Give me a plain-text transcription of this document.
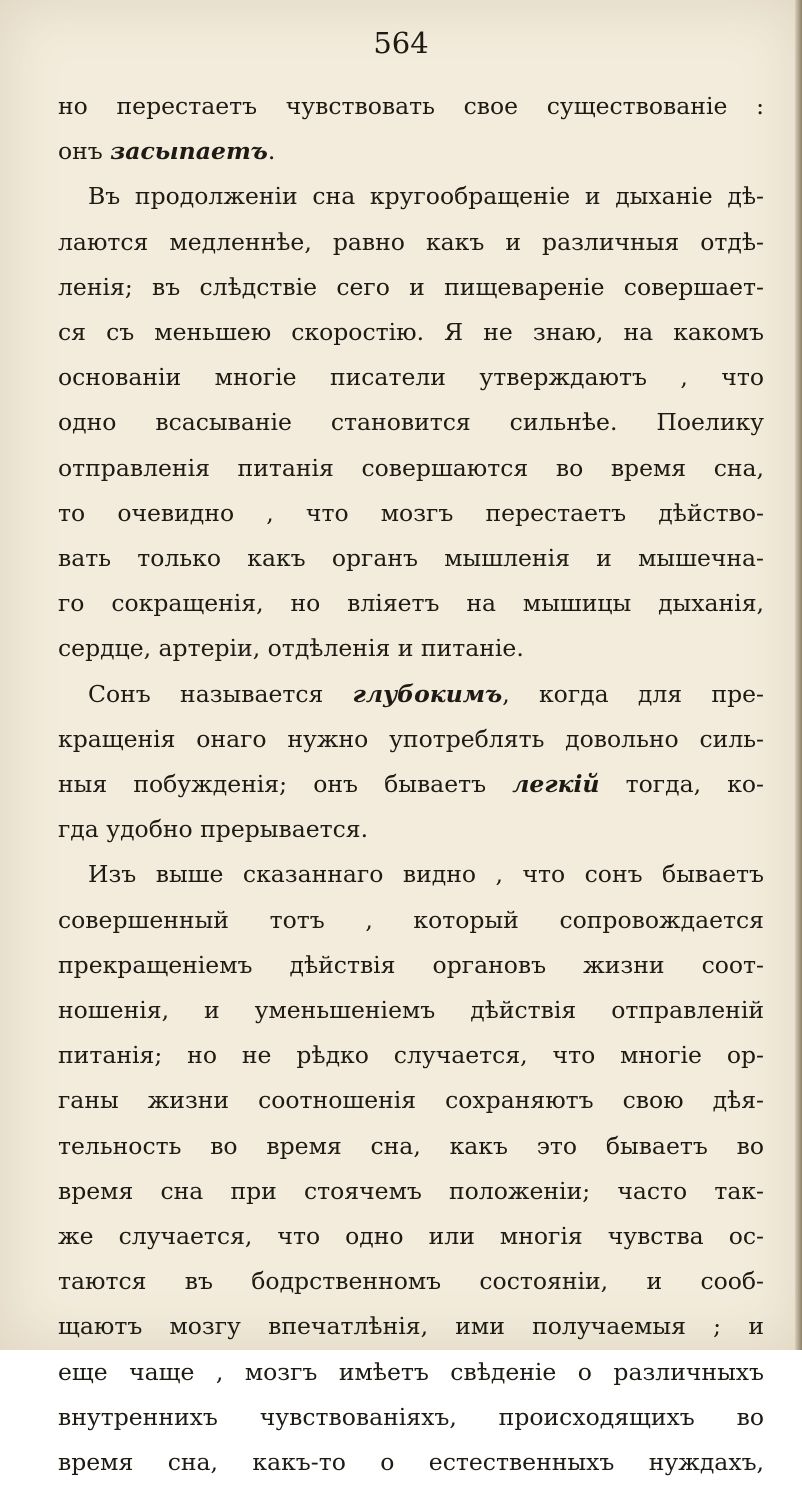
564
но перестаетъ чувствовать свое существованіе :
онъ засыпаетъ.
Въ продолженіи сна кругообращеніе и дыханіе дѣ-
лаются медленнѣе, равно какъ и различныя отдѣ-
ленія; въ слѣдствіе сего и пищевареніе совершает-
ся съ меньшею скоростію. Я не знаю, на какомъ
основаніи многіе писатели утверждаютъ , что
одно всасываніе становится сильнѣе. Поелику
отправленія питанія совершаются во время сна,
то очевидно , что мозгъ перестаетъ дѣйство-
вать только какъ органъ мышленія и мышечна-
го сокращенія, но вліяетъ на мышицы дыханія,
сердце, артеріи, отдѣленія и питаніе.
Сонъ называется глубокимъ, когда для пре-
кращенія онаго нужно употреблять довольно силь-
ныя побужденія; онъ бываетъ легкій тогда, ко-
гда удобно прерывается.
Изъ выше сказаннаго видно , что сонъ бываетъ
совершенный тотъ , который сопровождается
прекращеніемъ дѣйствія органовъ жизни соот-
ношенія, и уменьшеніемъ дѣйствія отправленій
питанія; но не рѣдко случается, что многіе ор-
ганы жизни соотношенія сохраняютъ свою дѣя-
тельность во время сна, какъ это бываетъ во
время сна при стоячемъ положеніи; часто так-
же случается, что одно или многія чувства ос-
таются въ бодрственномъ состояніи, и сооб-
щаютъ мозгу впечатлѣнія, ими получаемыя ; и
еще чаще , мозгъ имѣетъ свѣденіе о различныхъ
внутреннихъ чувствованіяхъ, происходящихъ во
время сна, какъ-то о естественныхъ нуждахъ,
